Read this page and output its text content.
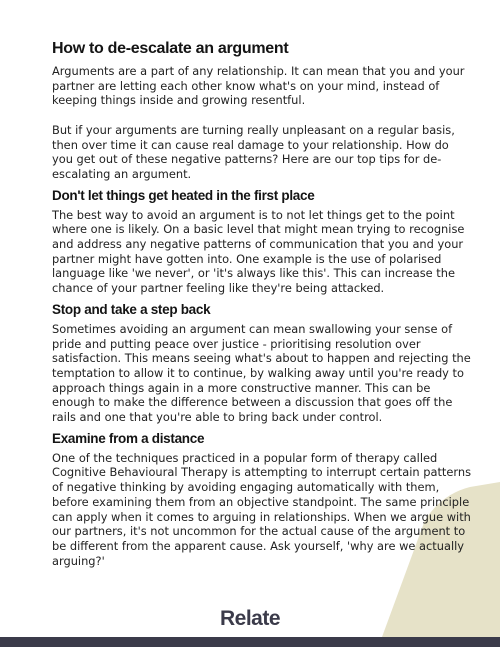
How to de-escalate an argument

Arguments are a part of any relationship. It can mean that you and your partner are letting each other know what's on your mind, instead of keeping things inside and growing resentful.

But if your arguments are turning really unpleasant on a regular basis, then over time it can cause real damage to your relationship. How do you get out of these negative patterns? Here are our top tips for de-escalating an argument.

Don't let things get heated in the first place

The best way to avoid an argument is to not let things get to the point where one is likely. On a basic level that might mean trying to recognise and address any negative patterns of communication that you and your partner might have gotten into. One example is the use of polarised language like 'we never', or 'it's always like this'. This can increase the chance of your partner feeling like they're being attacked.

Stop and take a step back

Sometimes avoiding an argument can mean swallowing your sense of pride and putting peace over justice - prioritising resolution over satisfaction. This means seeing what's about to happen and rejecting the temptation to allow it to continue, by walking away until you're ready to approach things again in a more constructive manner. This can be enough to make the difference between a discussion that goes off the rails and one that you're able to bring back under control.

Examine from a distance

One of the techniques practiced in a popular form of therapy called Cognitive Behavioural Therapy is attempting to interrupt certain patterns of negative thinking by avoiding engaging automatically with them, before examining them from an objective standpoint. The same principle can apply when it comes to arguing in relationships. When we argue with our partners, it's not uncommon for the actual cause of the argument to be different from the apparent cause. Ask yourself, 'why are we actually arguing?'

Relate
